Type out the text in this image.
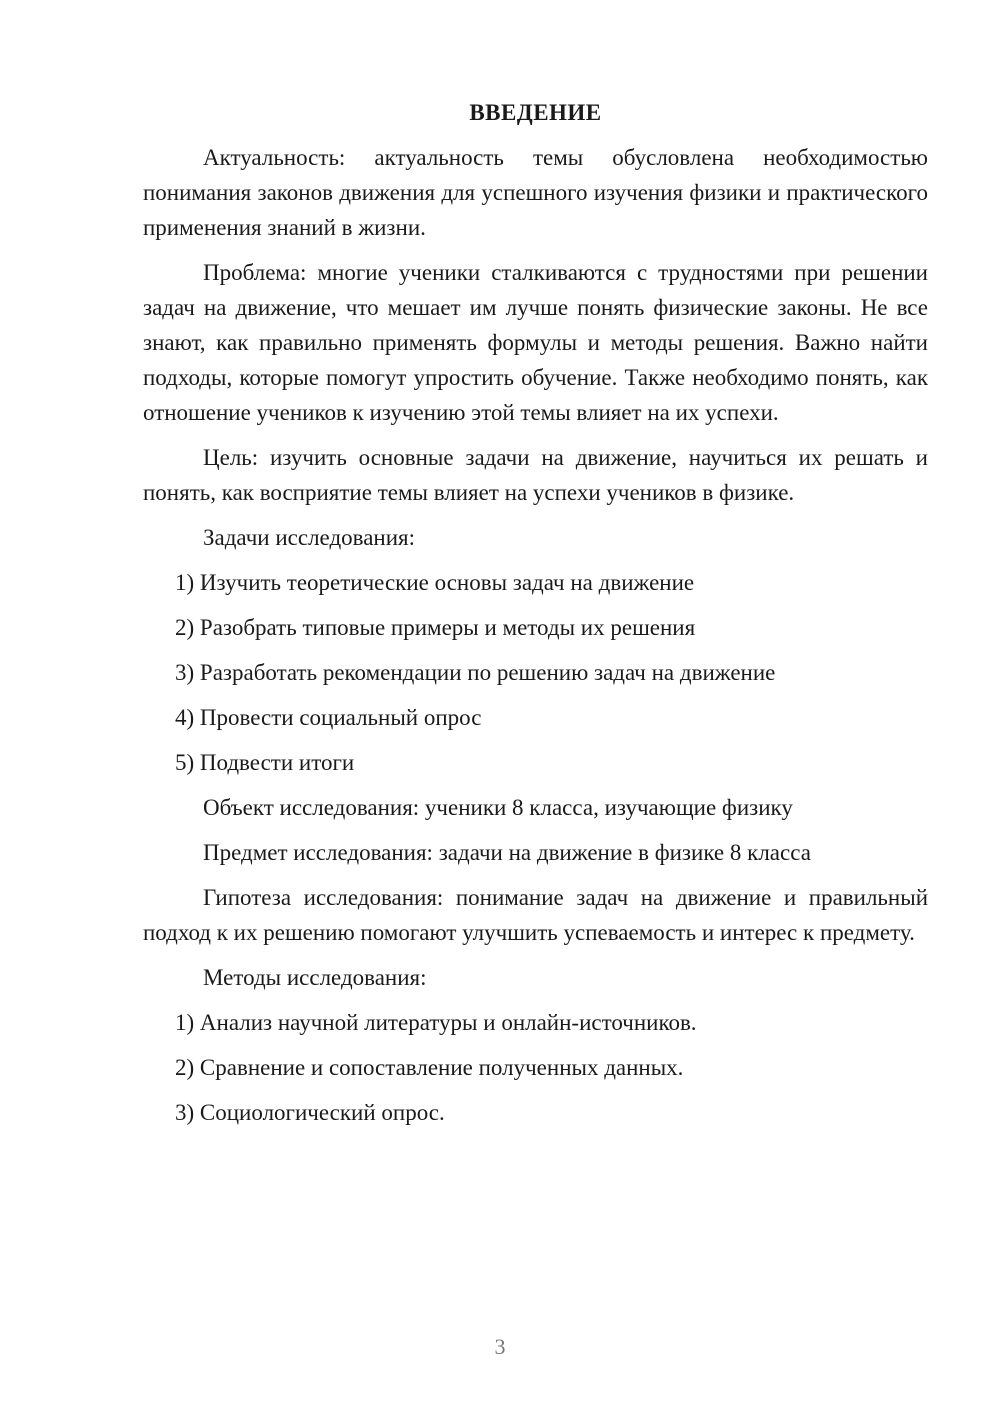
ВВЕДЕНИЕ

Актуальность: актуальность темы обусловлена необходимостью понимания законов движения для успешного изучения физики и практического применения знаний в жизни.

Проблема: многие ученики сталкиваются с трудностями при решении задач на движение, что мешает им лучше понять физические законы. Не все знают, как правильно применять формулы и методы решения. Важно найти подходы, которые помогут упростить обучение. Также необходимо понять, как отношение учеников к изучению этой темы влияет на их успехи.

Цель: изучить основные задачи на движение, научиться их решать и понять, как восприятие темы влияет на успехи учеников в физике.

Задачи исследования:
1) Изучить теоретические основы задач на движение
2) Разобрать типовые примеры и методы их решения
3) Разработать рекомендации по решению задач на движение
4) Провести социальный опрос
5) Подвести итоги
Объект исследования: ученики 8 класса, изучающие физику
Предмет исследования: задачи на движение в физике 8 класса

Гипотеза исследования: понимание задач на движение и правильный подход к их решению помогают улучшить успеваемость и интерес к предмету.

Методы исследования:
1) Анализ научной литературы и онлайн-источников.
2) Сравнение и сопоставление полученных данных.
3) Социологический опрос.
3
